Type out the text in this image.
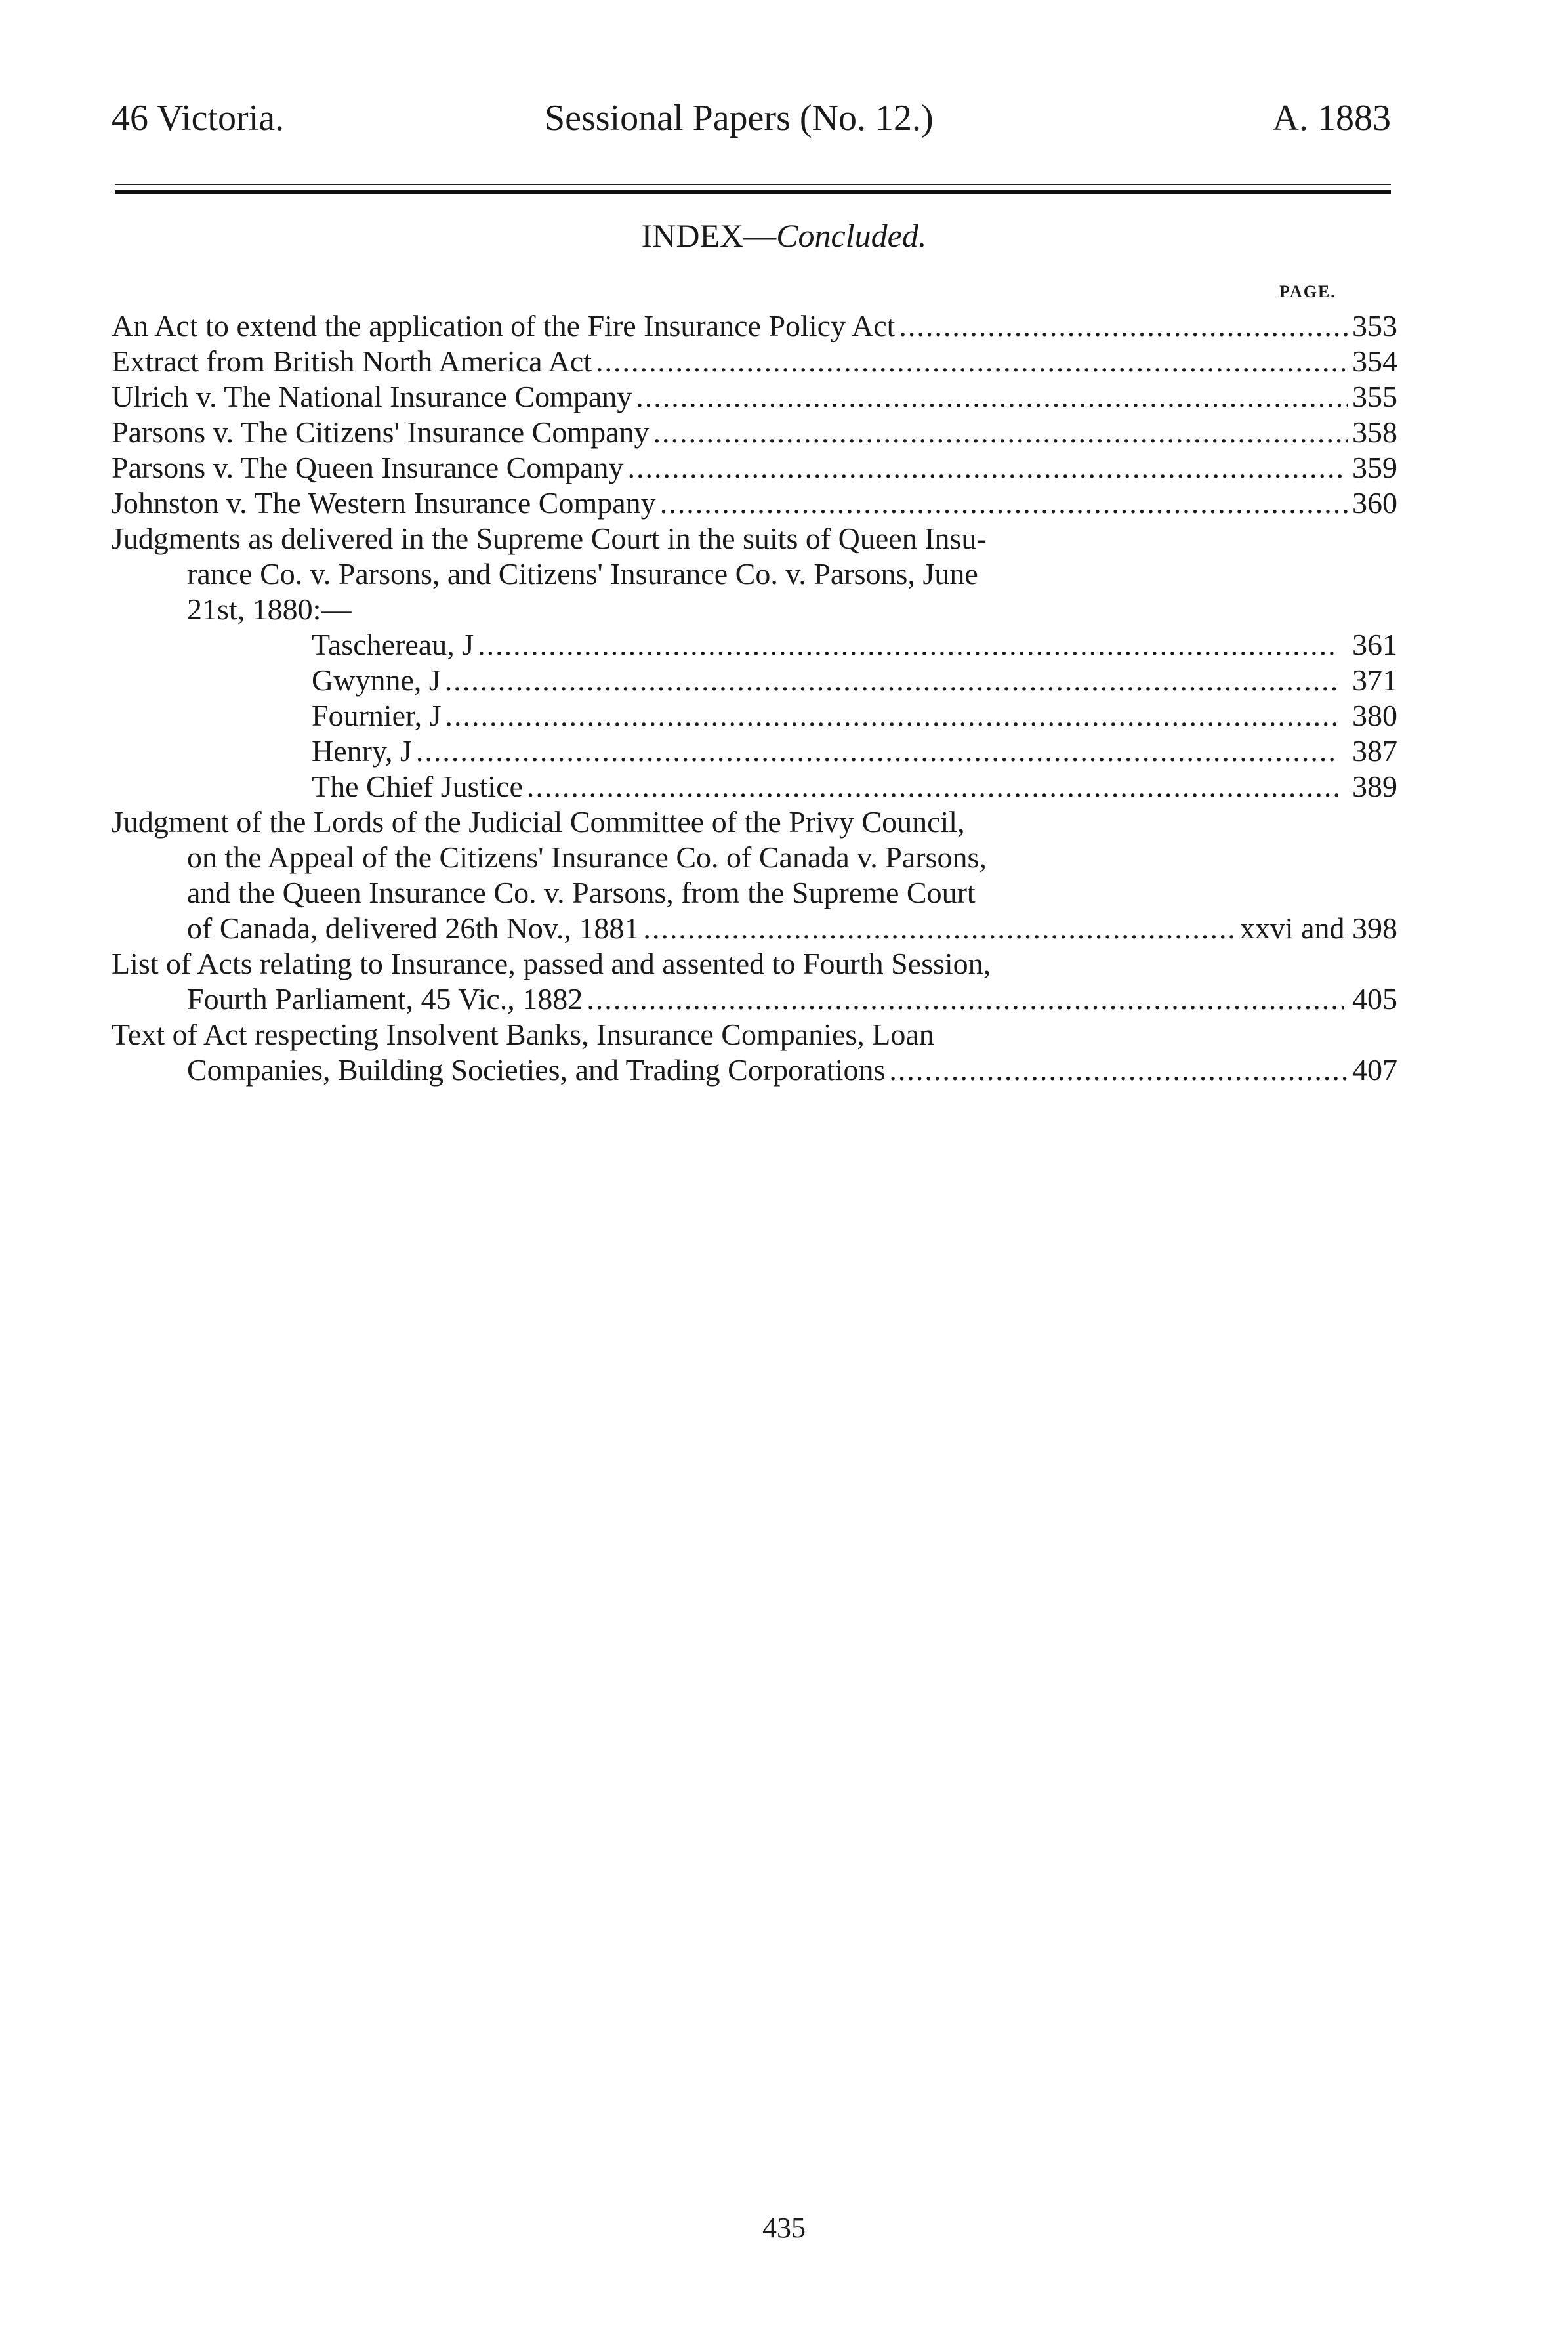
46 Victoria.	Sessional Papers (No. 12.)	A. 1883
INDEX—Concluded.
PAGE.
An Act to extend the application of the Fire Insurance Policy Act .....	353
Extract from British North America Act .....	354
Ulrich v. The National Insurance Company .....	355
Parsons v. The Citizens' Insurance Company .....	358
Parsons v. The Queen Insurance Company .....	359
Johnston v. The Western Insurance Company .....	360
Judgments as delivered in the Supreme Court in the suits of Queen Insu-
rance Co. v. Parsons, and Citizens' Insurance Co. v. Parsons, June
21st, 1880:—
Taschereau, J .....	361
Gwynne, J .....	371
Fournier, J .....	380
Henry, J .....	387
The Chief Justice .....	389
Judgment of the Lords of the Judicial Committee of the Privy Council,
on the Appeal of the Citizens' Insurance Co. of Canada v. Parsons,
and the Queen Insurance Co. v. Parsons, from the Supreme Court
of Canada, delivered 26th Nov., 1881 .....	xxvi and 398
List of Acts relating to Insurance, passed and assented to Fourth Session,
Fourth Parliament, 45 Vic., 1882 .....	405
Text of Act respecting Insolvent Banks, Insurance Companies, Loan
Companies, Building Societies, and Trading Corporations .....	407
435
